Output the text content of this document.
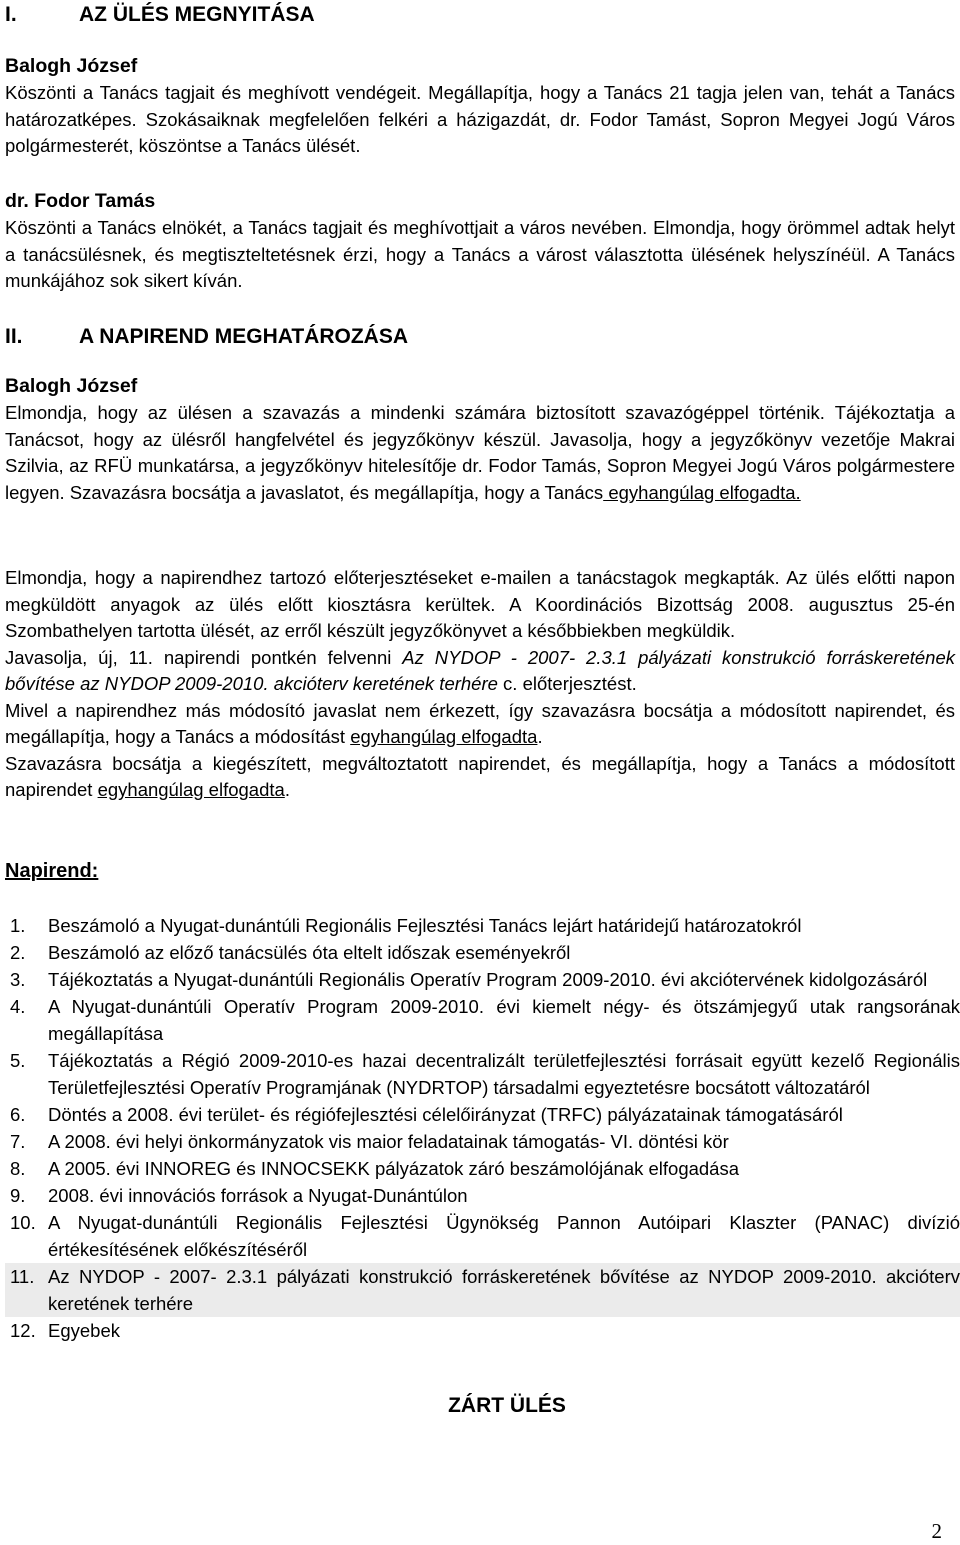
I.	AZ ÜLÉS MEGNYITÁSA
Balogh József

Köszönti a Tanács tagjait és meghívott vendégeit. Megállapítja, hogy a Tanács 21 tagja jelen van, tehát a Tanács határozatképes. Szokásaiknak megfelelően felkéri a házigazdát, dr. Fodor Tamást, Sopron Megyei Jogú Város polgármesterét, köszöntse a Tanács ülését.

dr. Fodor Tamás

Köszönti a Tanács elnökét, a Tanács tagjait és meghívottjait a város nevében. Elmondja, hogy örömmel adtak helyt a tanácsülésnek, és megtiszteltetésnek érzi, hogy a Tanács a várost választotta ülésének helyszínéül. A Tanács munkájához sok sikert kíván.

II.	A NAPIREND MEGHATÁROZÁSA
Balogh József

Elmondja, hogy az ülésen a szavazás a mindenki számára biztosított szavazógéppel történik. Tájékoztatja a Tanácsot, hogy az ülésről hangfelvétel és jegyzőkönyv készül. Javasolja, hogy a jegyzőkönyv vezetője Makrai Szilvia, az RFÜ munkatársa, a jegyzőkönyv hitelesítője dr. Fodor Tamás, Sopron Megyei Jogú Város polgármestere legyen. Szavazásra bocsátja a javaslatot, és megállapítja, hogy a Tanács egyhangúlag elfogadta.

Elmondja, hogy a napirendhez tartozó előterjesztéseket e-mailen a tanácstagok megkapták. Az ülés előtti napon megküldött anyagok az ülés előtt kiosztásra kerültek. A Koordinációs Bizottság 2008. augusztus 25-én Szombathelyen tartotta ülését, az erről készült jegyzőkönyvet a későbbiekben megküldik.

Javasolja, új, 11. napirendi pontkén felvenni Az NYDOP - 2007- 2.3.1 pályázati konstrukció forráskeretének bővítése az NYDOP 2009-2010. akcióterv keretének terhére c. előterjesztést.

Mivel a napirendhez más módosító javaslat nem érkezett, így szavazásra bocsátja a módosított napirendet, és megállapítja, hogy a Tanács a módosítást egyhangúlag elfogadta.

Szavazásra bocsátja a kiegészített, megváltoztatott napirendet, és megállapítja, hogy a Tanács a módosított napirendet egyhangúlag elfogadta.

Napirend:
1. Beszámoló a Nyugat-dunántúli Regionális Fejlesztési Tanács lejárt határidejű határozatokról
2. Beszámoló az előző tanácsülés óta eltelt időszak eseményekről
3. Tájékoztatás a Nyugat-dunántúli Regionális Operatív Program 2009-2010. évi akciótervének kidolgozásáról
4. A Nyugat-dunántúli Operatív Program 2009-2010. évi kiemelt négy- és ötszámjegyű utak rangsorának megállapítása
5. Tájékoztatás a Régió 2009-2010-es hazai decentralizált területfejlesztési forrásait együtt kezelő Regionális Területfejlesztési Operatív Programjának (NYDRTOP) társadalmi egyeztetésre bocsátott változatáról
6. Döntés a 2008. évi terület- és régiófejlesztési célelőirányzat (TRFC) pályázatainak támogatásáról
7. A 2008. évi helyi önkormányzatok vis maior feladatainak támogatás- VI. döntési kör
8. A 2005. évi INNOREG és INNOCSEKK pályázatok záró beszámolójának elfogadása
9. 2008. évi innovációs források a Nyugat-Dunántúlon
10. A Nyugat-dunántúli Regionális Fejlesztési Ügynökség Pannon Autóipari Klaszter (PANAC) divízió értékesítésének előkészítéséről
11. Az NYDOP - 2007- 2.3.1 pályázati konstrukció forráskeretének bővítése az NYDOP 2009-2010. akcióterv keretének terhére
12. Egyebek
ZÁRT ÜLÉS
2
